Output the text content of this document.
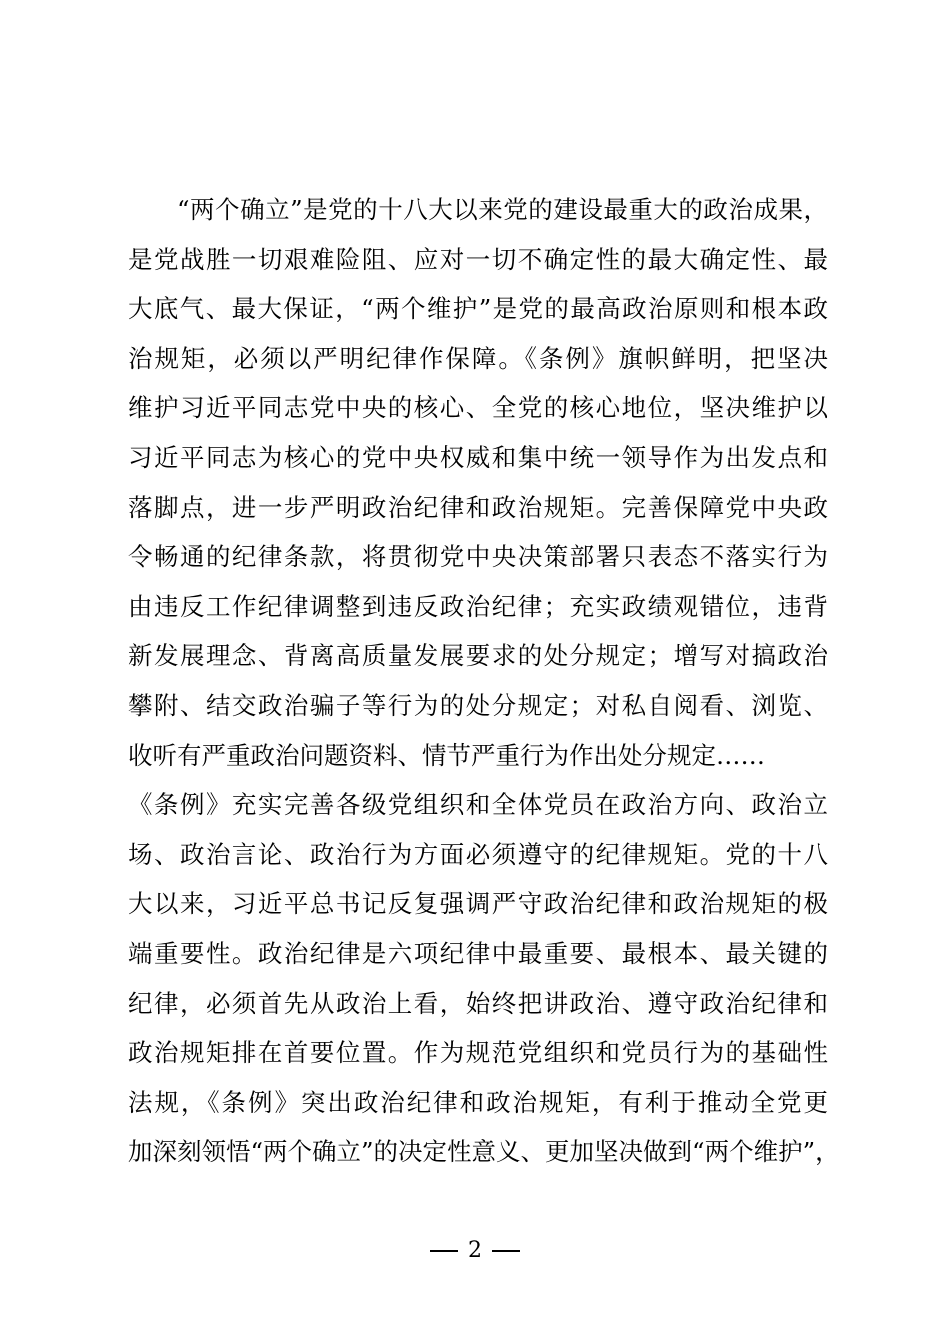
“两个确立”是党的十八大以来党的建设最重大的政治成果，
是党战胜一切艰难险阻、应对一切不确定性的最大确定性、最
大底气、最大保证，“两个维护”是党的最高政治原则和根本政
治规矩，必须以严明纪律作保障。《条例》旗帜鲜明，把坚决
维护习近平同志党中央的核心、全党的核心地位，坚决维护以
习近平同志为核心的党中央权威和集中统一领导作为出发点和
落脚点，进一步严明政治纪律和政治规矩。完善保障党中央政
令畅通的纪律条款，将贯彻党中央决策部署只表态不落实行为
由违反工作纪律调整到违反政治纪律；充实政绩观错位，违背
新发展理念、背离高质量发展要求的处分规定；增写对搞政治
攀附、结交政治骗子等行为的处分规定；对私自阅看、浏览、
收听有严重政治问题资料、情节严重行为作出处分规定……
《条例》充实完善各级党组织和全体党员在政治方向、政治立
场、政治言论、政治行为方面必须遵守的纪律规矩。党的十八
大以来，习近平总书记反复强调严守政治纪律和政治规矩的极
端重要性。政治纪律是六项纪律中最重要、最根本、最关键的
纪律，必须首先从政治上看，始终把讲政治、遵守政治纪律和
政治规矩排在首要位置。作为规范党组织和党员行为的基础性
法规，《条例》突出政治纪律和政治规矩，有利于推动全党更
加深刻领悟“两个确立”的决定性意义、更加坚决做到“两个维护”，
2
